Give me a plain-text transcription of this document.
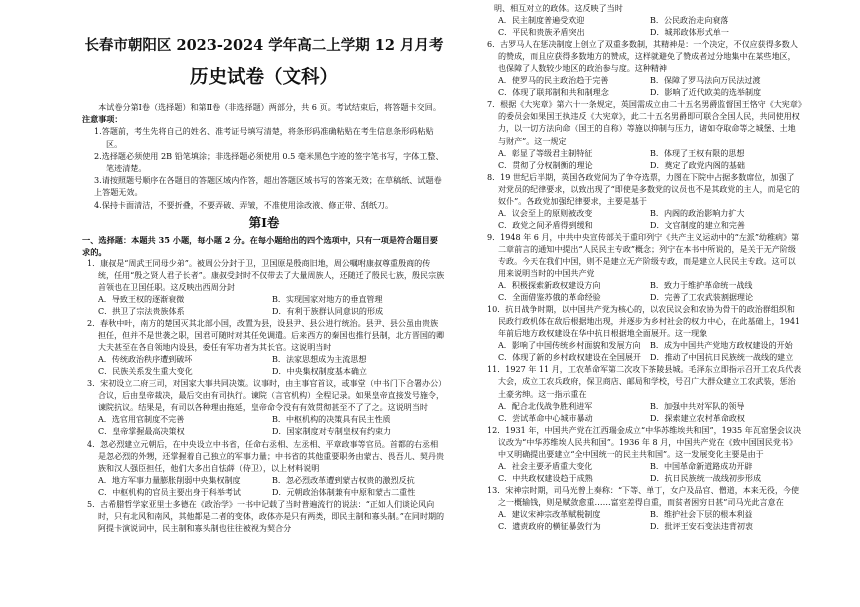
长春市朝阳区 2023-2024 学年高二上学期 12 月月考
历史试卷（文科）

本试卷分第Ⅰ卷（选择题）和第Ⅱ卷（非选择题）两部分，共 6 页。考试结束后，将答题卡交回。

注意事项：

1.答题前，考生先将自己的姓名、准考证号填写清楚，将条形码准确粘贴在考生信息条形码粘贴区。

2.选择题必须使用 2B 铅笔填涂；非选择题必须使用 0.5 毫米黑色字迹的签字笔书写，字体工整、笔迹清楚。

3.请按照题号顺序在各题目的答题区域内作答，超出答题区域书写的答案无效；在草稿纸、试题卷上答题无效。

4.保持卡面清洁，不要折叠，不要弄破、弄皱，不准使用涂改液、修正带、刮纸刀。

第Ⅰ卷

一、选择题：本题共 35 小题，每小题 2 分。在每小题给出的四个选项中，只有一项是符合题目要求的。

1．康叔是“周武王同母少弟”。被周公分封于卫，卫国原是殷商旧地，周公嘱咐康叔尊重殷商的传统，任用“殷之贤人君子长者”。康叔受封时不仅带去了大量周族人，还随迁了殷民七族，殷民宗族首领也在卫国任职。这反映出西周分封
A．导致王权的逐渐衰微	B．实现国家对地方的垂直管理
C．拱卫了宗法贵族体系	D．有利于族群认同意识的形成
2．春秋中叶，南方的楚国灭其北部小国，改置为县，设县尹、县公进行统治。县尹、县公虽由贵族担任，但并不是世袭之职，国君可随时对其任免调遣。后来西方的秦国也推行县制，北方晋国的卿大夫甚至在各自领地内设县，委任有军功者为其长官。这说明当时
A．传统政治秩序遭到破坏	B．法家思想成为主流思想
C．民族关系发生重大变化	D．中央集权制度基本确立
3．宋初设立二府三司，对国家大事共同决策。议事时，由主事官首议，或事堂（中书门下合署办公）合议，后由皇帝裁决，最后交由有司执行。谏院（言官机构）全程记录。如果皇帝直接发号施令，谏院抗议。结果是，有司以各种理由拖延，皇帝命令没有有效贯彻甚至不了了之。这说明当时
A．选官用官制度不完善	B．中枢机构的决策具有民主性质
C．皇帝掌握最高决策权	D．国家制度对专制皇权有约束力
4．忽必烈建立元朝后，在中央设立中书省，任命右丞相、左丞相、平章政事等官员。首都的右丞相是忽必烈的外甥，还掌握着自己独立的军事力量；中书省的其他重要职务由蒙古、畏吾儿、契丹贵族和汉人强臣担任，他们大多出自怯薛（侍卫），以上材料说明
A．地方军事力量膨胀削弱中央集权制度	B．忽必烈改革遭到蒙古权贵的激烈反抗
C．中枢机构的官员主要出身于科举考试	D．元朝政治体制兼有中原和蒙古二重性
5．古希腊哲学家亚里士多德在《政治学》一书中记载了当时普遍流行的说法：“正如人们谈论风向时，只有北风和南风，其他都是二者的变体，政体亦是只有两类，即民主制和寡头制。”在同时期的阿提卡演说词中，民主制和寡头制也往往被视为契合分
明、相互对立的政体。这反映了当时
A．民主制度普遍受欢迎	B．公民政治走向衰落
C．平民和贵族矛盾突出	D．城邦政体形式单一
6．古罗马人在惩决制度上创立了双重多数制，其精神是：一个决定，不仅应获得多数人的赞成，而且应获得多数地方的赞成，这样就避免了赞成者过分地集中在某些地区，也保障了人数较少地区的政治参与度。这种精神
A．使罗马的民主政治趋于完善	B．保障了罗马法向万民法过渡
C．体现了联邦制和共和制理念	D．影响了近代欧美的选举制度
7．根据《大宪章》第六十一条规定，英国需成立由二十五名男爵监督国王恪守《大宪章》的委员会如果国王执违反《大宪章》，此二十五名男爵即可联合全国人民，共同使用权力，以一切方法向命（国王的自称）等施以抑制与压力，诸如夺取命等之城堡、土地与财产”。这一规定
A．彰显了等级君主制特征	B．体现了王权有限的思想
C．贯彻了分权制衡的理论	D．奠定了政党内阁的基础
8．19 世纪后半期，英国各政党间为了争夺选票，力图在下院中占据多数席位，加强了对党员的纪律要求，以致出现了“即使是多数党的议员也不是其政党的主人，而是它的奴仆”。各政党加强纪律要求，主要是基于
A．议会至上的原则被改变	B．内阁的政治影响力扩大
C．政党之间矛盾得到缓和	D．文官制度的建立和完善
9．1948 年 6 月，中共中央宣传部关于重印列宁《共产主义运动中的“左派”幼稚病》第二章前言的通知中提出“人民民主专政”概念；列宁在本书中所说的，是关于无产阶级专政。今天在我们中国，则不是建立无产阶级专政，而是建立人民民主专政。这可以用来说明当时的中国共产党
A．积极探索新政权建设方向	B．致力于维护革命统一战线
C．全面借鉴苏俄的革命经验	D．完善了工农武装割据理论
10．抗日战争时期，以中国共产党为核心的，以农民议会和农协为骨干的政治群组织和民政行政机体在敌后根据地出现，并逐步为乡村社会的权力中心，在此基础上，1941 年前后地方政权建设在华中抗日根据地全面展开。这一现象
A．影响了中国传统乡村面貌和发展方向	B．成为中国共产党地方政权建设的开始
C．体现了新的乡村政权建设在全国展开	D．推动了中国抗日民族统一战线的建立
11．1927 年 11 月，工农革命军第二次攻下茶陵县城。毛泽东立即指示召开工农兵代表大会，成立工农兵政府，保卫商店、邮局和学校，号召广大群众建立工农武装，惩治土豪劣绅。这一指示重在
A．配合北伐战争胜利进军	B．加强中共对军队的领导
C．尝试革命中心城市暴动	D．探索建立农村革命政权
12．1931 年，中国共产党在江西瑞金成立“中华苏维埃共和国”，1935 年瓦窑堡会议决议改为“中华苏维埃人民共和国”。1936 年 8 月，中国共产党在《致中国国民党书》中又明确提出要建立“全中国统一的民主共和国”。这一发展变化主要是由于
A．社会主要矛盾重大变化	B．中国革命新道路成功开辟
C．中共政权建设趋于成熟	D．抗日民族统一战线初步形成
13．宋神宗时期，司马光曾上奏称：“下等、单丁，女户及品官、僧道，本来无役，今使之一概输钱，则是赋敛愈重……富室差得自重，而贫者困穷日甚”司马光此言意在
A．建议宋神宗改革赋税制度	B．维护社会下层的根本利益
C．遗责政府的横征暴敛行为	D．批评王安石变法违背初衷
